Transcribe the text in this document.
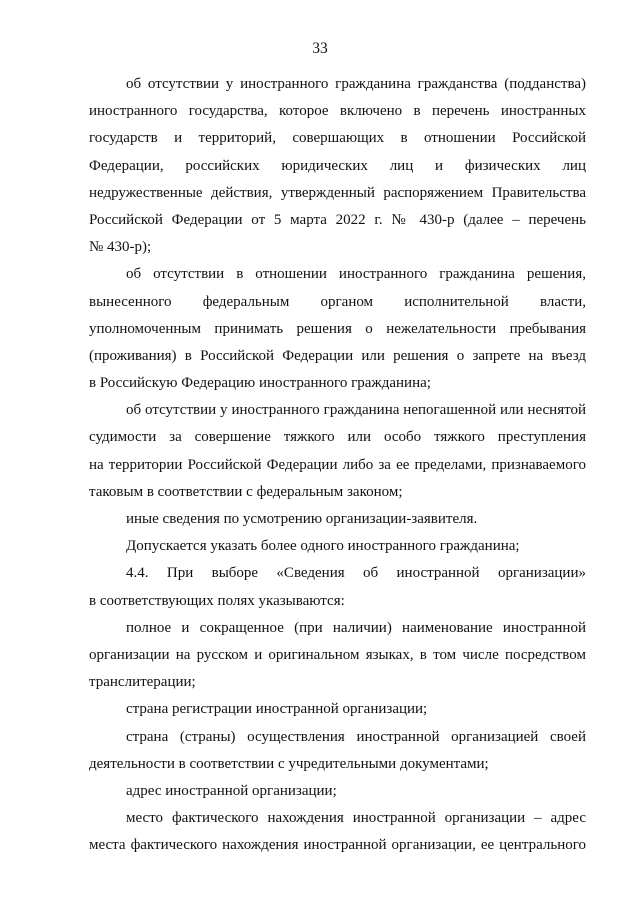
33
об отсутствии у иностранного гражданина гражданства (подданства)
иностранного государства, которое включено в перечень иностранных
государств и территорий, совершающих в отношении Российской
Федерации, российских юридических лиц и физических лиц
недружественные действия, утвержденный распоряжением Правительства
Российской Федерации от 5 марта 2022 г. № 430-р (далее – перечень
№ 430-р);
об отсутствии в отношении иностранного гражданина решения,
вынесенного федеральным органом исполнительной власти,
уполномоченным принимать решения о нежелательности пребывания
(проживания) в Российской Федерации или решения о запрете на въезд
в Российскую Федерацию иностранного гражданина;
об отсутствии у иностранного гражданина непогашенной или неснятой
судимости за совершение тяжкого или особо тяжкого преступления
на территории Российской Федерации либо за ее пределами, признаваемого
таковым в соответствии с федеральным законом;
иные сведения по усмотрению организации-заявителя.
Допускается указать более одного иностранного гражданина;
4.4. При выборе «Сведения об иностранной организации»
в соответствующих полях указываются:
полное и сокращенное (при наличии) наименование иностранной
организации на русском и оригинальном языках, в том числе посредством
транслитерации;
страна регистрации иностранной организации;
страна (страны) осуществления иностранной организацией своей
деятельности в соответствии с учредительными документами;
адрес иностранной организации;
место фактического нахождения иностранной организации – адрес
места фактического нахождения иностранной организации, ее центрального
